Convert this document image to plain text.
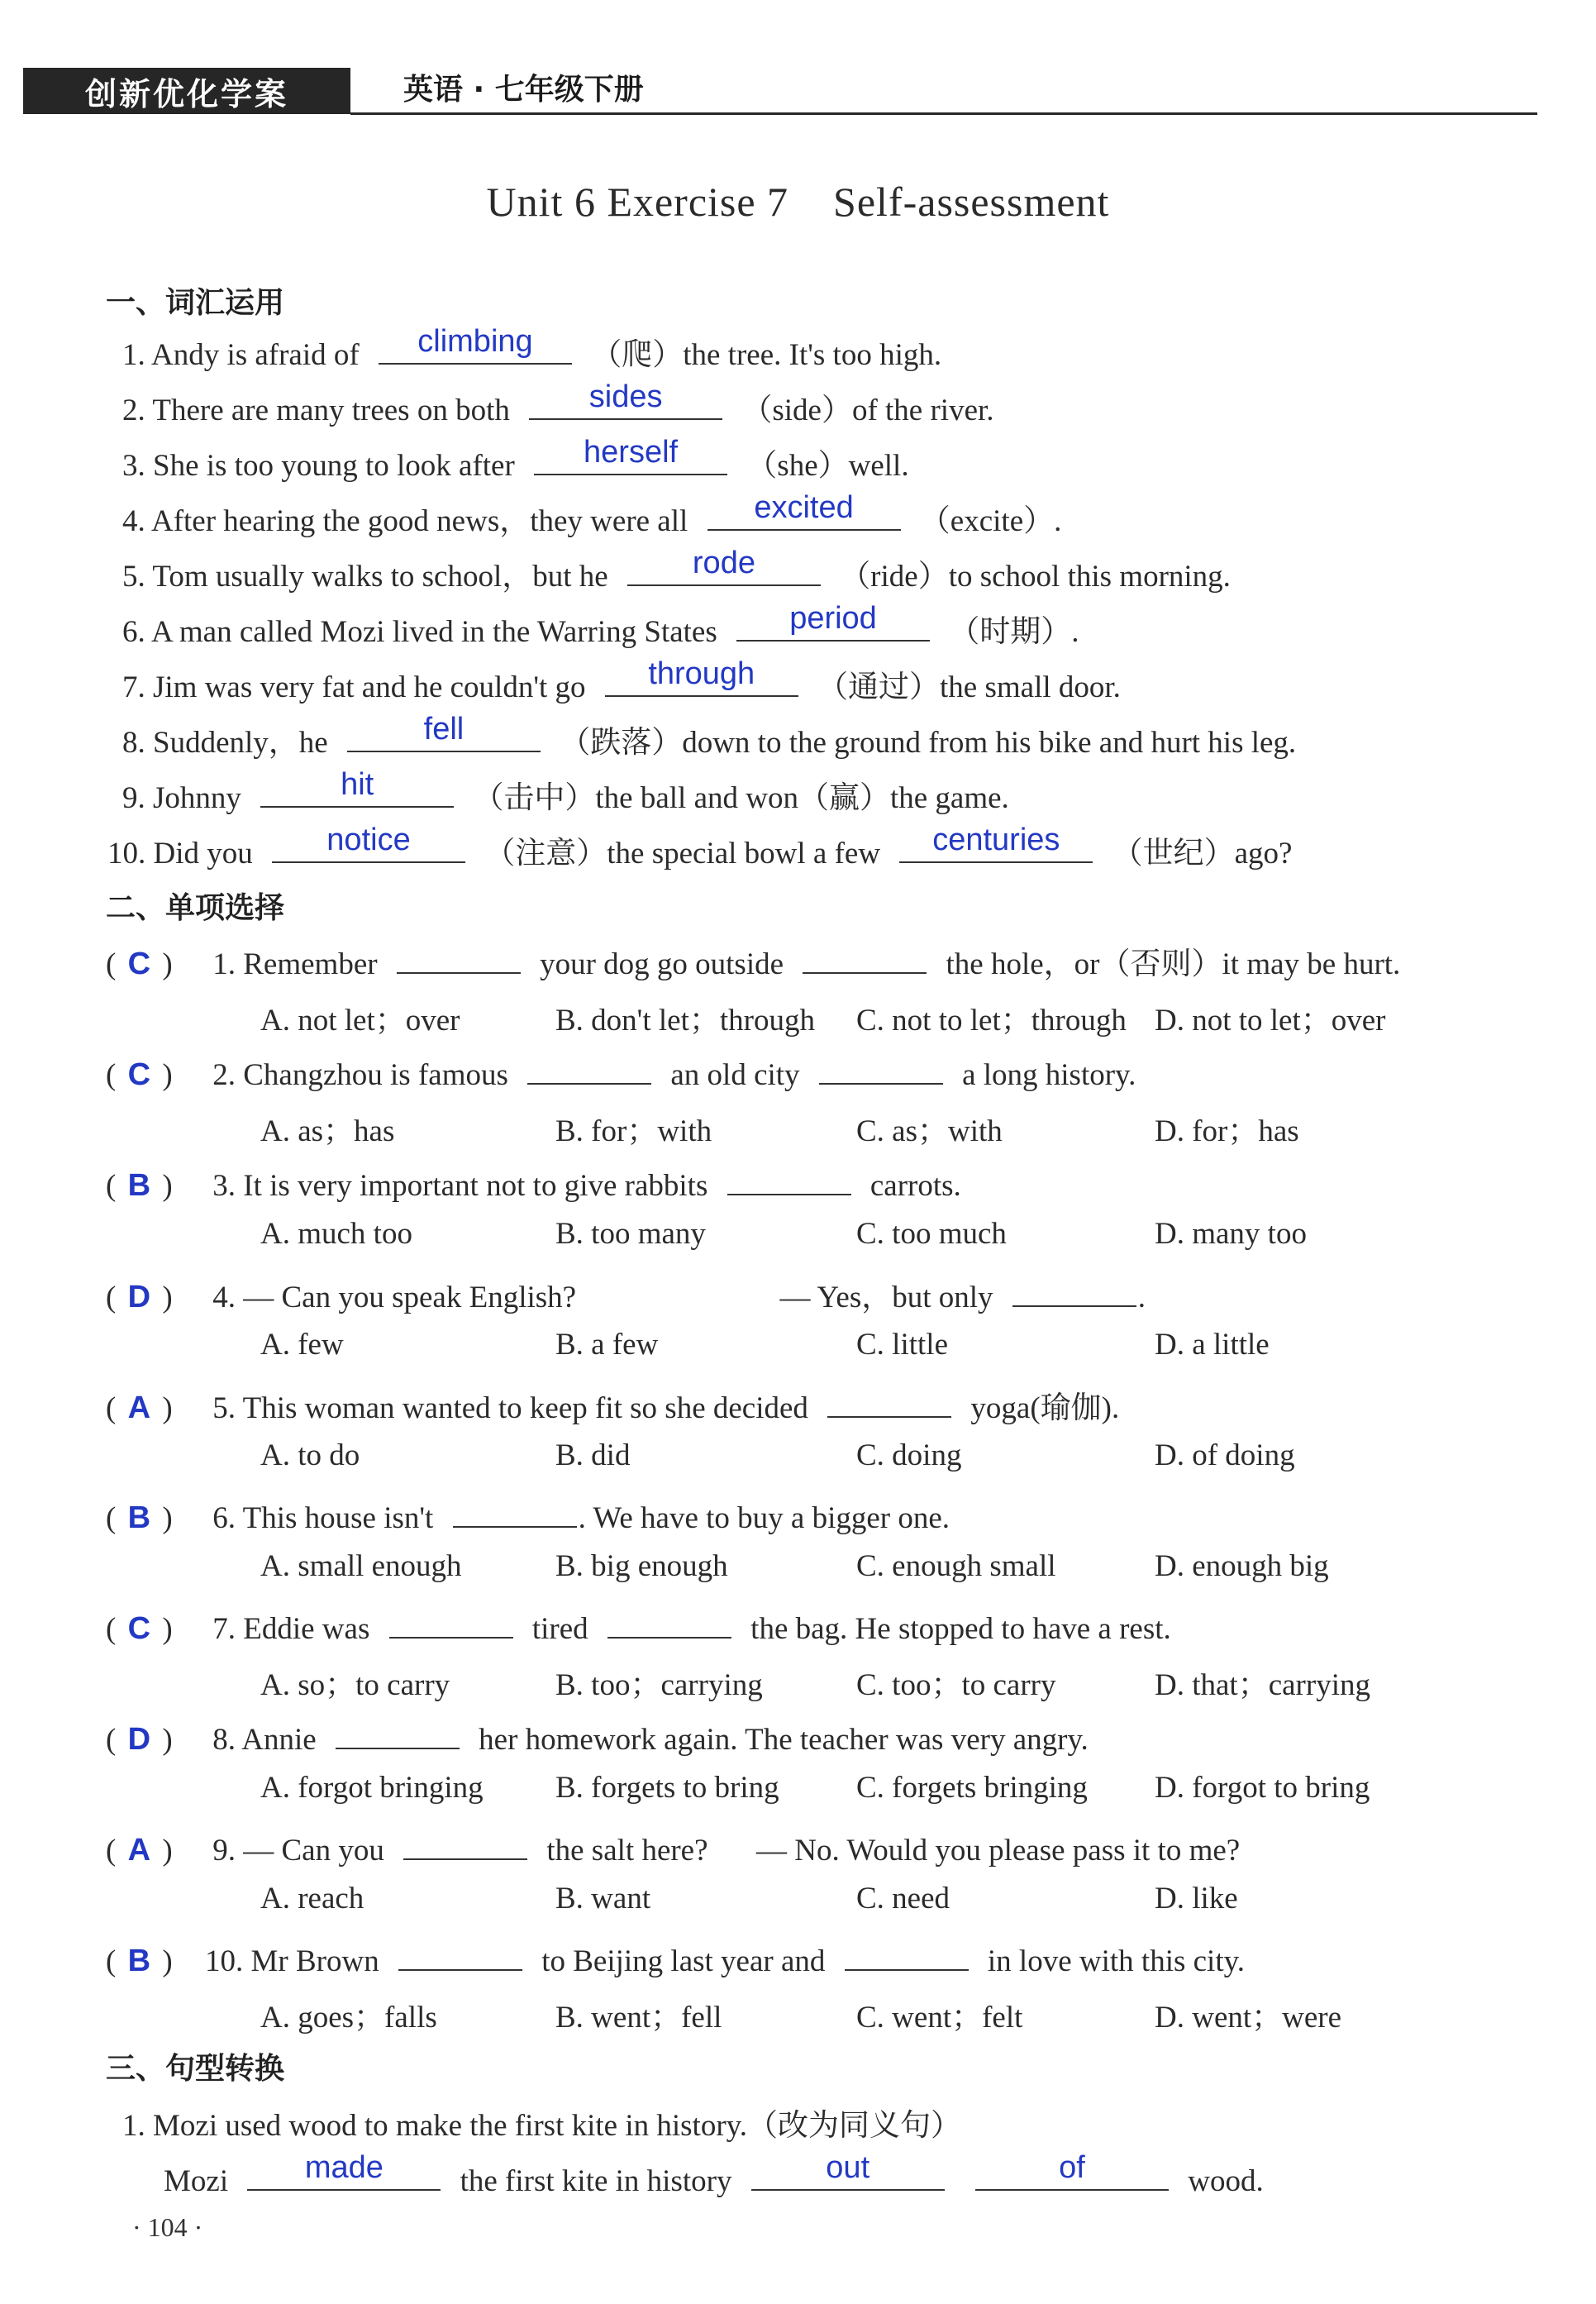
创新优化学案	英语 · 七年级下册
Unit 6 Exercise 7    Self-assessment
一、词汇运用
1. Andy is afraid of	climbing	（爬）the tree. It's too high.
2. There are many trees on both	sides	（side）of the river.
3. She is too young to look after	herself	（she）well.
4. After hearing the good news，they were all	excited	（excite）.
5. Tom usually walks to school，but he	rode	（ride）to school this morning.
6. A man called Mozi lived in the Warring States	period	（时期）.
7. Jim was very fat and he couldn't go	through	（通过）the small door.
8. Suddenly，he	fell	（跌落）down to the ground from his bike and hurt his leg.
9. Johnny	hit	（击中）the ball and won（赢）the game.
10. Did you	notice	（注意）the special bowl a few	centuries	（世纪）ago?
二、单项选择
( C ) 1. Remember	your dog go outside	the hole，or（否则）it may be hurt.
A. not let；over	B. don't let；through C. not to let；through D. not to let；over
( C ) 2. Changzhou is famous	an old city	a long history.
A. as；has	B. for；with	C. as；with	D. for；has
( B ) 3. It is very important not to give rabbits	carrots.
A. much too	B. too many	C. too much	D. many too
( D ) 4. — Can you speak English?	— Yes，but only	.
A. few	B. a few	C. little	D. a little
( A ) 5. This woman wanted to keep fit so she decided	yoga(瑜伽).
A. to do	B. did	C. doing	D. of doing
( B ) 6. This house isn't	. We have to buy a bigger one.
A. small enough	B. big enough	C. enough small	D. enough big
( C ) 7. Eddie was	tired	the bag. He stopped to have a rest.
A. so；to carry	B. too；carrying	C. too；to carry	D. that；carrying
( D ) 8. Annie	her homework again. The teacher was very angry.
A. forgot bringing B. forgets to bring	C. forgets bringing D. forgot to bring
( A ) 9. — Can you	the salt here? — No. Would you please pass it to me?
A. reach	B. want	C. need	D. like
( B ) 10. Mr Brown	to Beijing last year and	in love with this city.
A. goes；falls	B. went；fell	C. went；felt	D. went；were
三、句型转换
1. Mozi used wood to make the first kite in history.（改为同义句）
Mozi	made	the first kite in history	out
	of	wood.
· 104 ·
